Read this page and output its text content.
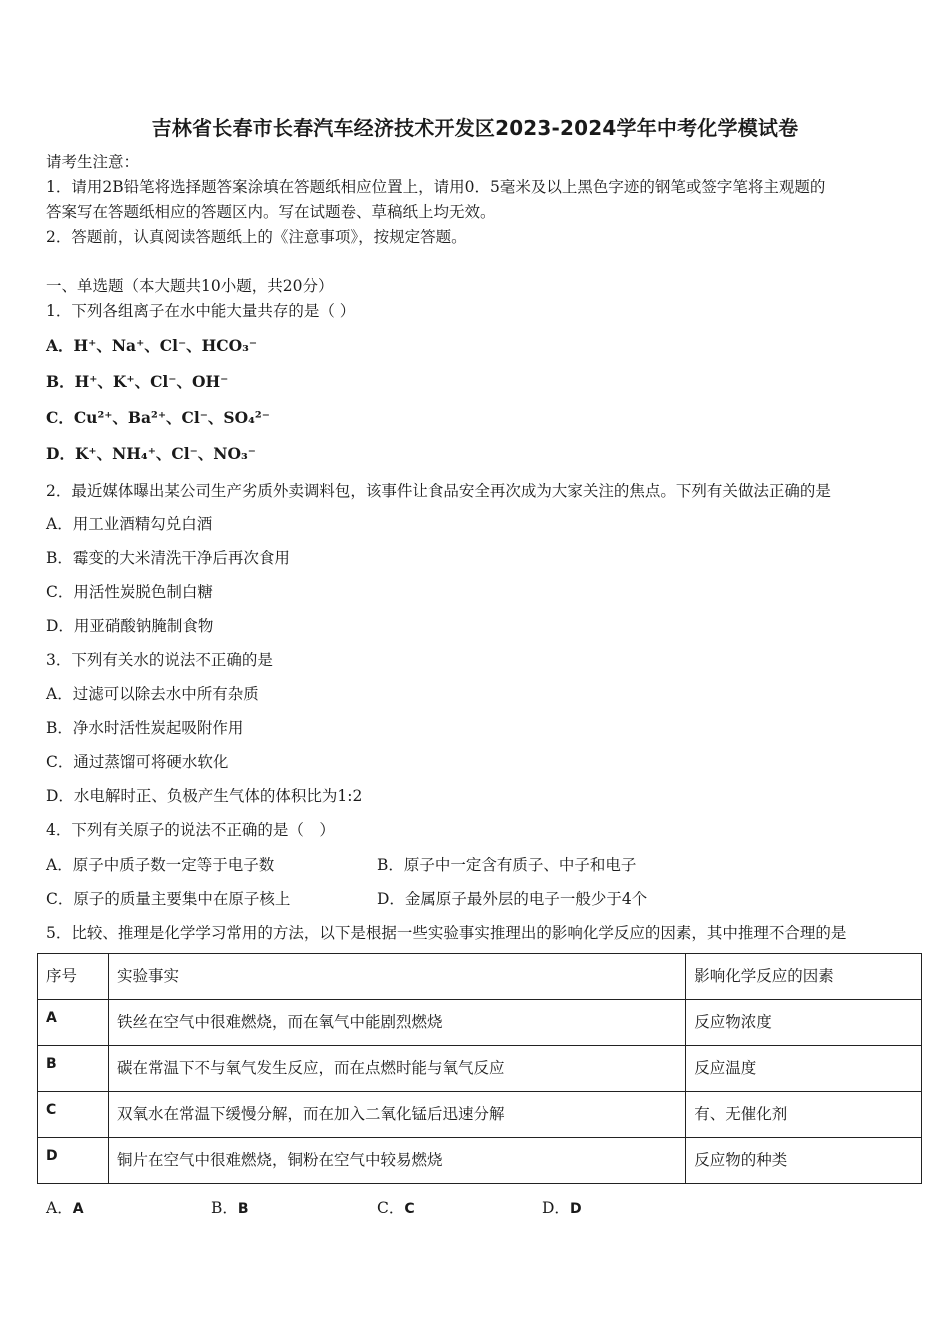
吉林省长春市长春汽车经济技术开发区2023-2024学年中考化学模试卷
请考生注意：
1．请用2B铅笔将选择题答案涂填在答题纸相应位置上，请用0．5毫米及以上黑色字迹的钢笔或签字笔将主观题的
答案写在答题纸相应的答题区内。写在试题卷、草稿纸上均无效。
2．答题前，认真阅读答题纸上的《注意事项》，按规定答题。
一、单选题（本大题共10小题，共20分）
1．下列各组离子在水中能大量共存的是（ ）
A．H⁺、Na⁺、Cl⁻、HCO₃⁻
B．H⁺、K⁺、Cl⁻、OH⁻
C．Cu²⁺、Ba²⁺、Cl⁻、SO₄²⁻
D．K⁺、NH₄⁺、Cl⁻、NO₃⁻
2．最近媒体曝出某公司生产劣质外卖调料包，该事件让食品安全再次成为大家关注的焦点。下列有关做法正确的是
A．用工业酒精勾兑白酒
B．霉变的大米清洗干净后再次食用
C．用活性炭脱色制白糖
D．用亚硝酸钠腌制食物
3．下列有关水的说法不正确的是
A．过滤可以除去水中所有杂质
B．净水时活性炭起吸附作用
C．通过蒸馏可将硬水软化
D．水电解时正、负极产生气体的体积比为1:2
4．下列有关原子的说法不正确的是（　）
A．原子中质子数一定等于电子数	B．原子中一定含有质子、中子和电子
C．原子的质量主要集中在原子核上	D．金属原子最外层的电子一般少于4个
5．比较、推理是化学学习常用的方法，以下是根据一些实验事实推理出的影响化学反应的因素，其中推理不合理的是
序号	实验事实	影响化学反应的因素
A	铁丝在空气中很难燃烧，而在氧气中能剧烈燃烧	反应物浓度
B	碳在常温下不与氧气发生反应，而在点燃时能与氧气反应	反应温度
C	双氧水在常温下缓慢分解，而在加入二氧化锰后迅速分解	有、无催化剂
D	铜片在空气中很难燃烧，铜粉在空气中较易燃烧	反应物的种类
A．A	B．B	C．C	D．D
